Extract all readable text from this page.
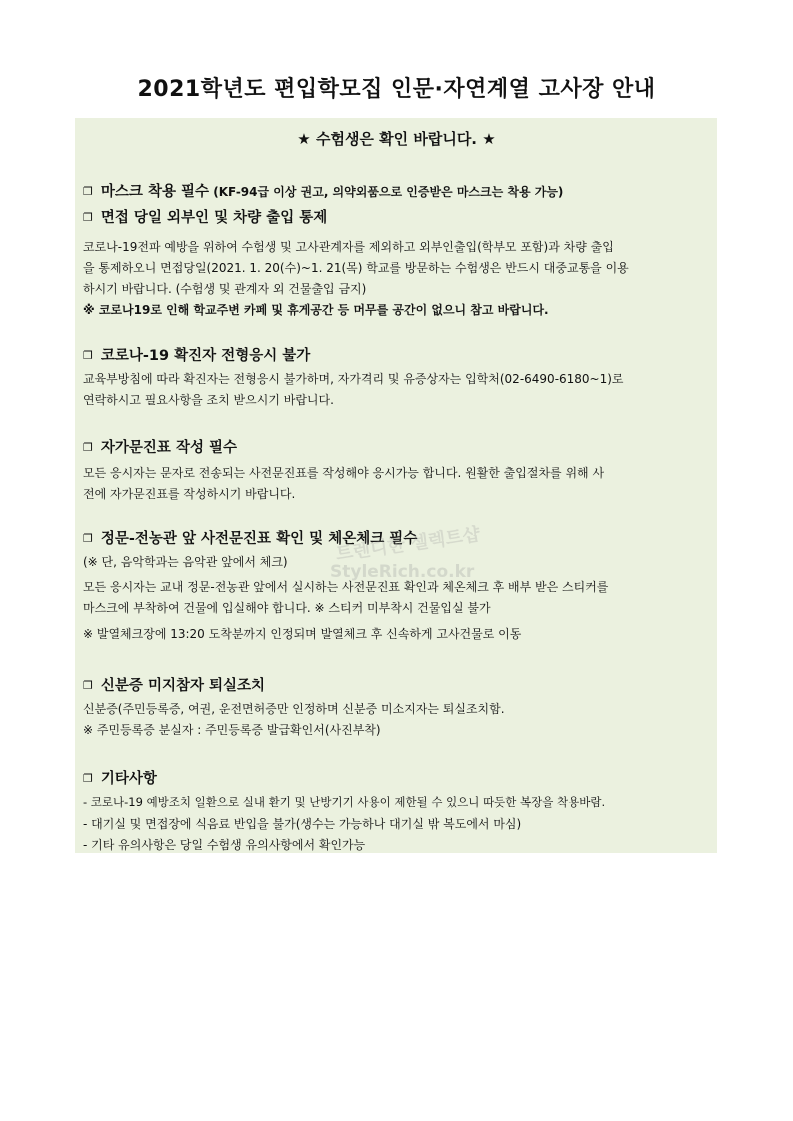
2021학년도 편입학모집 인문·자연계열 고사장 안내
★ 수험생은 확인 바랍니다. ★
❐ 마스크 착용 필수 (KF-94급 이상 권고, 의약외품으로 인증받은 마스크는 착용 가능)
❐ 면접 당일 외부인 및 차량 출입 통제
코로나-19전파 예방을 위하여 수험생 및 고사관계자를 제외하고 외부인출입(학부모 포함)과 차량 출입
을 통제하오니 면접당일(2021. 1. 20(수)~1. 21(목) 학교를 방문하는 수험생은 반드시 대중교통을 이용
하시기 바랍니다. (수험생 및 관계자 외 건물출입 금지)
※ 코로나19로 인해 학교주변 카페 및 휴게공간 등 머무를 공간이 없으니 참고 바랍니다.
❐ 코로나-19 확진자 전형응시 불가
교육부방침에 따라 확진자는 전형응시 불가하며, 자가격리 및 유증상자는 입학처(02-6490-6180~1)로
연락하시고 필요사항을 조치 받으시기 바랍니다.
❐ 자가문진표 작성 필수
모든 응시자는 문자로 전송되는 사전문진표를 작성해야 응시가능 합니다. 원활한 출입절차를 위해 사
전에 자가문진표를 작성하시기 바랍니다.
❐ 정문-전농관 앞 사전문진표 확인 및 체온체크 필수
(※ 단, 음악학과는 음악관 앞에서 체크)
모든 응시자는 교내 정문-전농관 앞에서 실시하는 사전문진표 확인과 체온체크 후 배부 받은 스티커를
마스크에 부착하여 건물에 입실해야 합니다. ※ 스티커 미부착시 건물입실 불가
※ 발열체크장에 13:20 도착분까지 인정되며 발열체크 후 신속하게 고사건물로 이동
❐ 신분증 미지참자 퇴실조치
신분증(주민등록증, 여권, 운전면허증만 인정하며 신분증 미소지자는 퇴실조치함.
※ 주민등록증 분실자 : 주민등록증 발급확인서(사진부착)
❐ 기타사항
- 코로나-19 예방조치 일환으로 실내 환기 및 난방기기 사용이 제한될 수 있으니 따듯한 복장을 착용바람.
- 대기실 및 면접장에 식음료 반입을 불가(생수는 가능하나 대기실 밖 복도에서 마심)
- 기타 유의사항은 당일 수험생 유의사항에서 확인가능
트렌디한 셀렉트샵
StyleRich.co.kr
